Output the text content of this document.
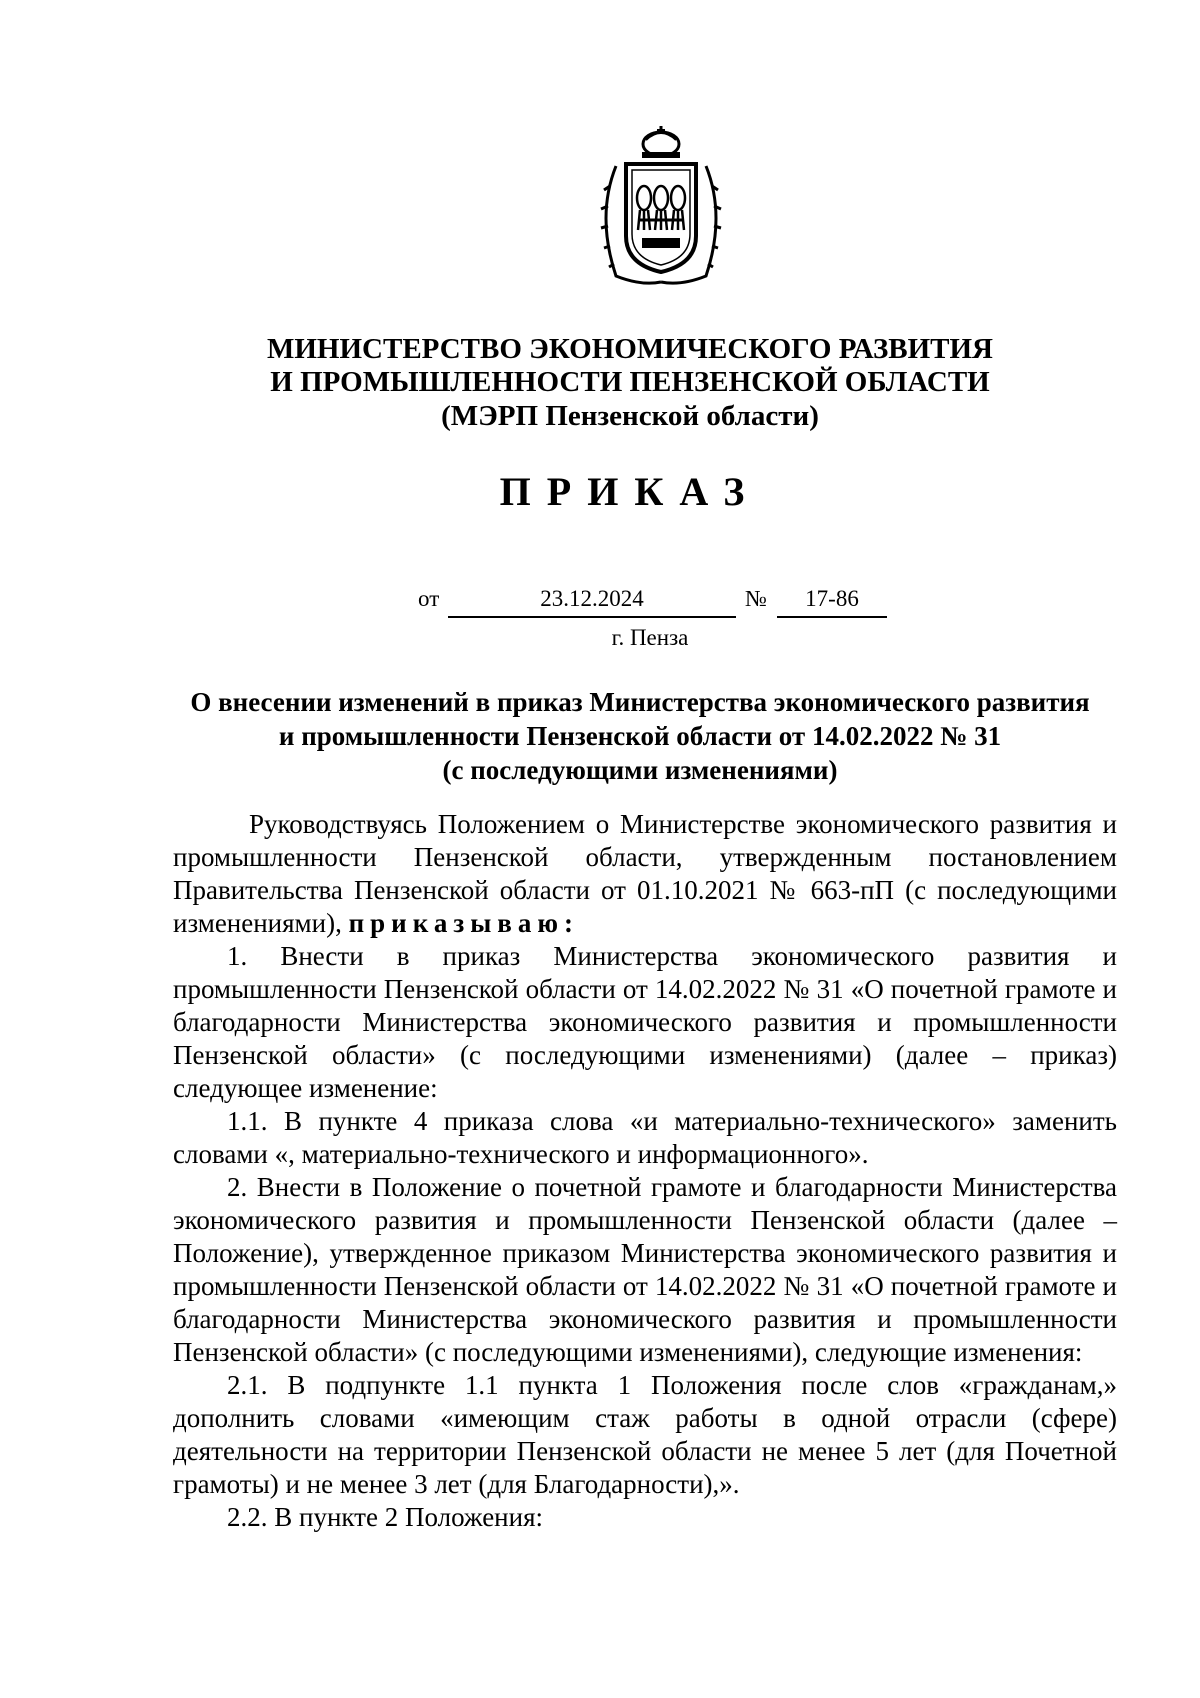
МИНИСТЕРСТВО ЭКОНОМИЧЕСКОГО РАЗВИТИЯ
И ПРОМЫШЛЕННОСТИ ПЕНЗЕНСКОЙ ОБЛАСТИ
(МЭРП Пензенской области)
ПРИКАЗ
от	23.12.2024	№	17-86
г. Пенза
О внесении изменений в приказ Министерства экономического развития
и промышленности Пензенской области от 14.02.2022 № 31
(с последующими изменениями)

Руководствуясь Положением о Министерстве экономического развития и промышленности Пензенской области, утвержденным постановлением Правительства Пензенской области от 01.10.2021 № 663-пП (с последующими изменениями), приказываю:

1. Внести в приказ Министерства экономического развития и промышленности Пензенской области от 14.02.2022 № 31 «О почетной грамоте и благодарности Министерства экономического развития и промышленности Пензенской области» (с последующими изменениями) (далее – приказ) следующее изменение:

1.1. В пункте 4 приказа слова «и материально-технического» заменить словами «, материально-технического и информационного».

2. Внести в Положение о почетной грамоте и благодарности Министерства экономического развития и промышленности Пензенской области (далее – Положение), утвержденное приказом Министерства экономического развития и промышленности Пензенской области от 14.02.2022 № 31 «О почетной грамоте и благодарности Министерства экономического развития и промышленности Пензенской области» (с последующими изменениями), следующие изменения:

2.1. В подпункте 1.1 пункта 1 Положения после слов «гражданам,» дополнить словами «имеющим стаж работы в одной отрасли (сфере) деятельности на территории Пензенской области не менее 5 лет (для Почетной грамоты) и не менее 3 лет (для Благодарности),».

2.2. В пункте 2 Положения:
